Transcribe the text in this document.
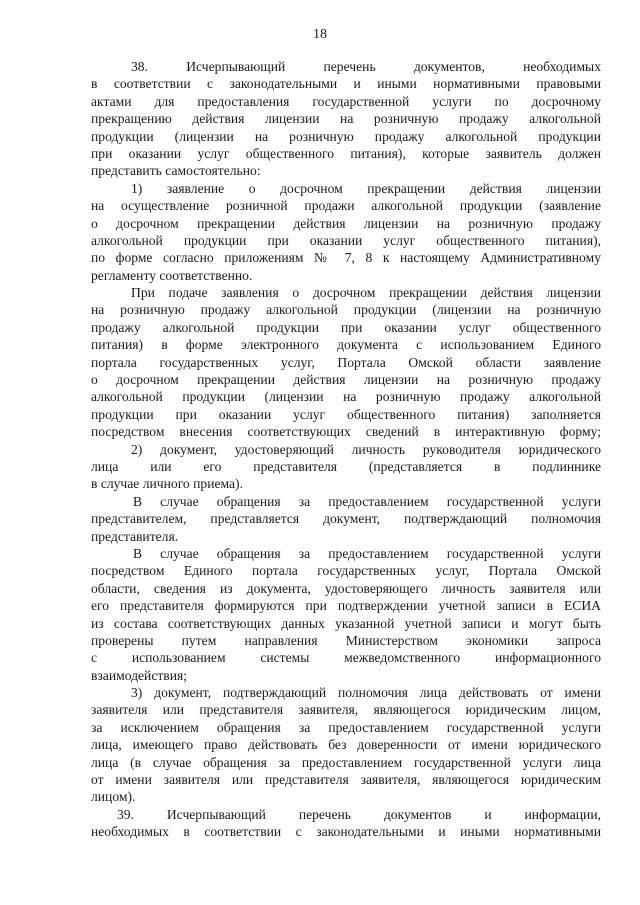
18
38. Исчерпывающий перечень документов, необходимых
в соответствии с законодательными и иными нормативными правовыми
актами для предоставления государственной услуги по досрочному
прекращению действия лицензии на розничную продажу алкогольной
продукции (лицензии на розничную продажу алкогольной продукции
при оказании услуг общественного питания), которые заявитель должен
представить самостоятельно:
1) заявление о досрочном прекращении действия лицензии
на осуществление розничной продажи алкогольной продукции (заявление
о досрочном прекращении действия лицензии на розничную продажу
алкогольной продукции при оказании услуг общественного питания),
по форме согласно приложениям № 7, 8 к настоящему Административному
регламенту соответственно.
При подаче заявления о досрочном прекращении действия лицензии
на розничную продажу алкогольной продукции (лицензии на розничную
продажу алкогольной продукции при оказании услуг общественного
питания) в форме электронного документа с использованием Единого
портала государственных услуг, Портала Омской области заявление
о досрочном прекращении действия лицензии на розничную продажу
алкогольной продукции (лицензии на розничную продажу алкогольной
продукции при оказании услуг общественного питания) заполняется
посредством внесения соответствующих сведений в интерактивную форму;
2) документ, удостоверяющий личность руководителя юридического
лица или его представителя (представляется в подлиннике
в случае личного приема).
В случае обращения за предоставлением государственной услуги
представителем, представляется документ, подтверждающий полномочия
представителя.
В случае обращения за предоставлением государственной услуги
посредством Единого портала государственных услуг, Портала Омской
области, сведения из документа, удостоверяющего личность заявителя или
его представителя формируются при подтверждении учетной записи в ЕСИА
из состава соответствующих данных указанной учетной записи и могут быть
проверены путем направления Министерством экономики запроса
с использованием системы межведомственного информационного
взаимодействия;
3) документ, подтверждающий полномочия лица действовать от имени
заявителя или представителя заявителя, являющегося юридическим лицом,
за исключением обращения за предоставлением государственной услуги
лица, имеющего право действовать без доверенности от имени юридического
лица (в случае обращения за предоставлением государственной услуги лица
от имени заявителя или представителя заявителя, являющегося юридическим
лицом).
39. Исчерпывающий перечень документов и информации,
необходимых в соответствии с законодательными и иными нормативными
